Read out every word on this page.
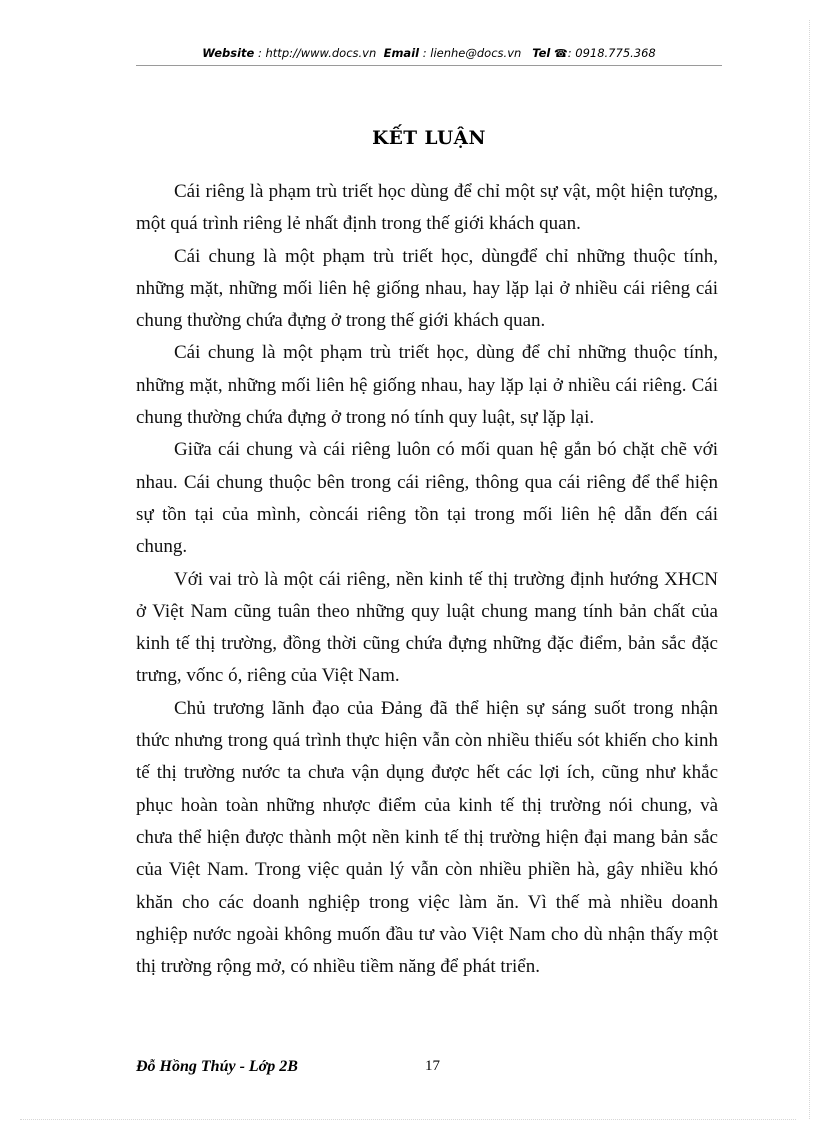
Website : http://www.docs.vn Email : lienhe@docs.vn Tel ☎: 0918.775.368
KẾT LUẬN

Cái riêng là phạm trù triết học dùng để chỉ một sự vật, một hiện tượng, một quá trình riêng lẻ nhất định trong thế giới khách quan.

Cái chung là một phạm trù triết học, dùngđể chỉ những thuộc tính, những mặt, những mối liên hệ giống nhau, hay lặp lại ở nhiều cái riêng cái chung thường chứa đựng ở trong thế giới khách quan.

Cái chung là một phạm trù triết học, dùng để chỉ những thuộc tính, những mặt, những mối liên hệ giống nhau, hay lặp lại ở nhiều cái riêng. Cái chung thường chứa đựng ở trong nó tính quy luật, sự lặp lại.

Giữa cái chung và cái riêng luôn có mối quan hệ gắn bó chặt chẽ với nhau. Cái chung thuộc bên trong cái riêng, thông qua cái riêng để thể hiện sự tồn tại của mình, còncái riêng tồn tại trong mối liên hệ dẫn đến cái chung.

Với vai trò là một cái riêng, nền kinh tế thị trường định hướng XHCN ở Việt Nam cũng tuân theo những quy luật chung mang tính bản chất của kinh tế thị trường, đồng thời cũng chứa đựng những đặc điểm, bản sắc đặc trưng, vốnc ó, riêng của Việt Nam.

Chủ trương lãnh đạo của Đảng đã thể hiện sự sáng suốt trong nhận thức nhưng trong quá trình thực hiện vẫn còn nhiều thiếu sót khiến cho kinh tế thị trường nước ta chưa vận dụng được hết các lợi ích, cũng như khắc phục hoàn toàn những nhược điểm của kinh tế thị trường nói chung, và chưa thể hiện được thành một nền kinh tế thị trường hiện đại mang bản sắc của Việt Nam. Trong việc quản lý vẫn còn nhiều phiền hà, gây nhiều khó khăn cho các doanh nghiệp trong việc làm ăn. Vì thế mà nhiều doanh nghiệp nước ngoài không muốn đầu tư vào Việt Nam cho dù nhận thấy một thị trường rộng mở, có nhiều tiềm năng để phát triển.

Đỗ Hồng Thúy - Lớp 2B	17
